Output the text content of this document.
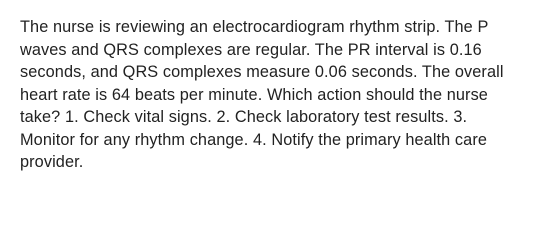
The nurse is reviewing an electrocardiogram rhythm strip. The P
waves and QRS complexes are regular. The PR interval is 0.16
seconds, and QRS complexes measure 0.06 seconds. The overall
heart rate is 64 beats per minute. Which action should the nurse
take? 1. Check vital signs. 2. Check laboratory test results. 3.
Monitor for any rhythm change. 4. Notify the primary health care
provider.
